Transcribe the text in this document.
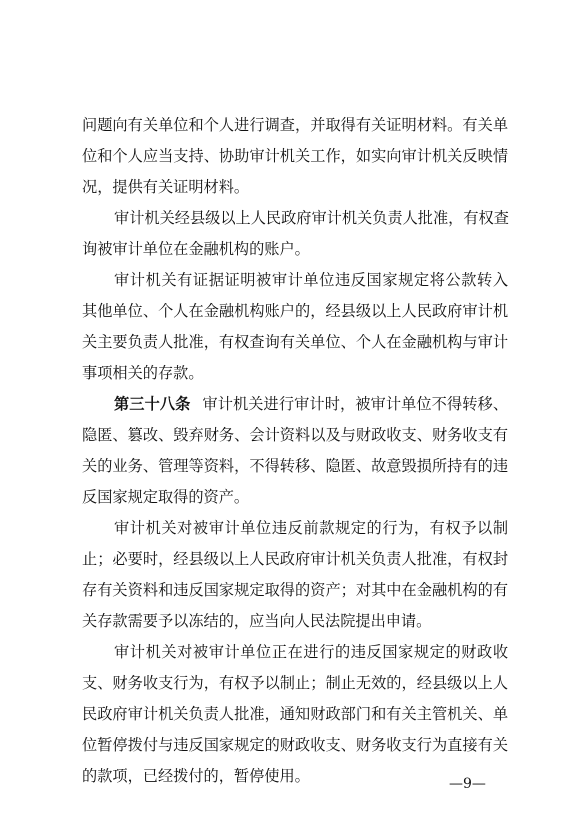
问题向有关单位和个人进行调查，并取得有关证明材料。有关单
位和个人应当支持、协助审计机关工作，如实向审计机关反映情
况，提供有关证明材料。
审计机关经县级以上人民政府审计机关负责人批准，有权查
询被审计单位在金融机构的账户。
审计机关有证据证明被审计单位违反国家规定将公款转入
其他单位、个人在金融机构账户的，经县级以上人民政府审计机
关主要负责人批准，有权查询有关单位、个人在金融机构与审计
事项相关的存款。
第三十八条 审计机关进行审计时，被审计单位不得转移、
隐匿、篡改、毁弃财务、会计资料以及与财政收支、财务收支有
关的业务、管理等资料，不得转移、隐匿、故意毁损所持有的违
反国家规定取得的资产。
审计机关对被审计单位违反前款规定的行为，有权予以制
止；必要时，经县级以上人民政府审计机关负责人批准，有权封
存有关资料和违反国家规定取得的资产；对其中在金融机构的有
关存款需要予以冻结的，应当向人民法院提出申请。
审计机关对被审计单位正在进行的违反国家规定的财政收
支、财务收支行为，有权予以制止；制止无效的，经县级以上人
民政府审计机关负责人批准，通知财政部门和有关主管机关、单
位暂停拨付与违反国家规定的财政收支、财务收支行为直接有关
的款项，已经拨付的，暂停使用。	—9—
